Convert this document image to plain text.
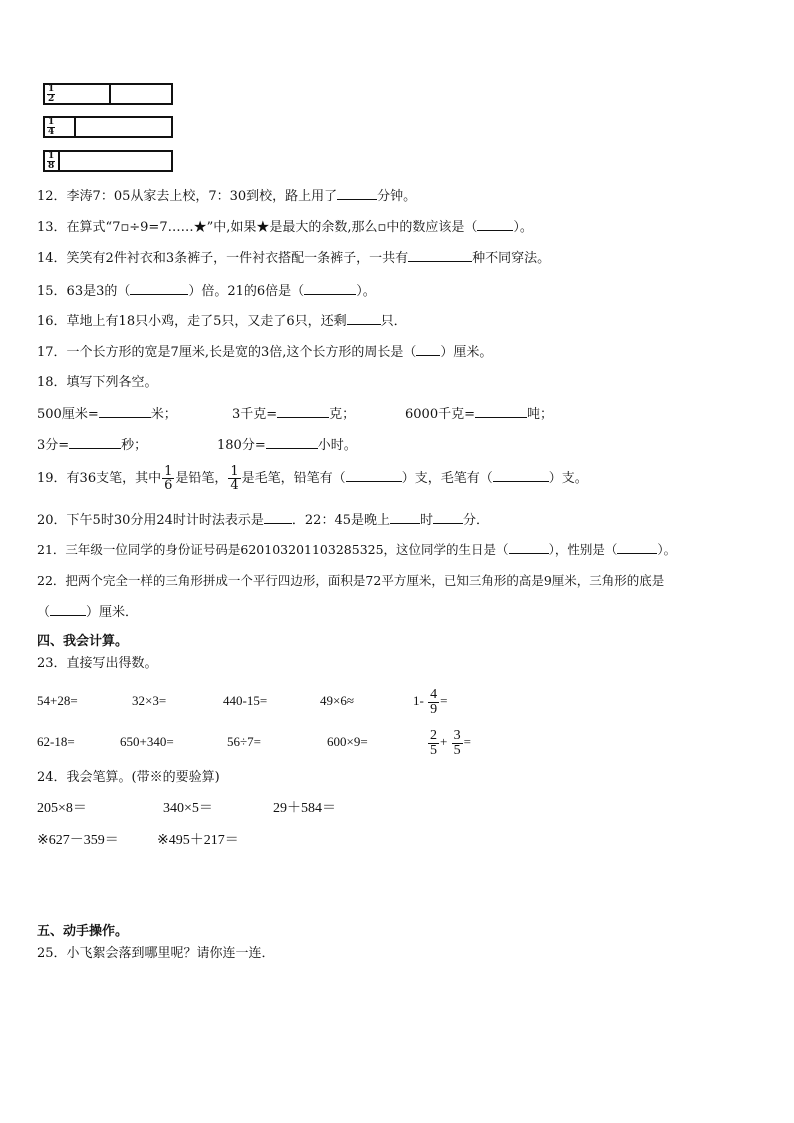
1
2
1
4
1
8
12．李涛7：05从家去上校，7：30到校，路上用了	分钟。
13．在算式“7▫÷9=7……★”中,如果★是最大的余数,那么▫中的数应该是（	）。
14．笑笑有2件衬衣和3条裤子，一件衬衣搭配一条裤子，一共有	种不同穿法。
15．63是3的（	）倍。21的6倍是（	）。
16．草地上有18只小鸡，走了5只，又走了6只，还剩	只．
17．一个长方形的宽是7厘米,长是宽的3倍,这个长方形的周长是（ ）厘米。
18．填写下列各空。
500厘米=	米；	3千克=	克；	6000千克=	吨；
3分=	秒；	180分=	小时。
19．有36支笔，其中 $\frac{1}{6}$ 是铅笔， $\frac{1}{4}$ 是毛笔，铅笔有（	）支，毛笔有（	）支。
20．下午5时30分用24时计时法表示是 ．22：45是晚上 时 分．
21．三年级一位同学的身份证号码是620103201103285325，这位同学的生日是（	），性别是（	）。
22．把两个完全一样的三角形拼成一个平行四边形，面积是72平方厘米，已知三角形的高是9厘米，三角形的底是
（	）厘米．
四、我会计算。
23．直接写出得数。
54+28=	32×3=	440-15=	49×6≈	$1- \frac{4}{9}$ =
62-18=	650+340=	56÷7=	600×9=	$\frac{2}{5} + \frac{3}{5}$ =
24．我会笔算。(带※的要验算)
205×8＝	340×5＝	29＋584＝
※627－359＝	※495＋217＝
五、动手操作。
25．小飞絮会落到哪里呢？请你连一连．
